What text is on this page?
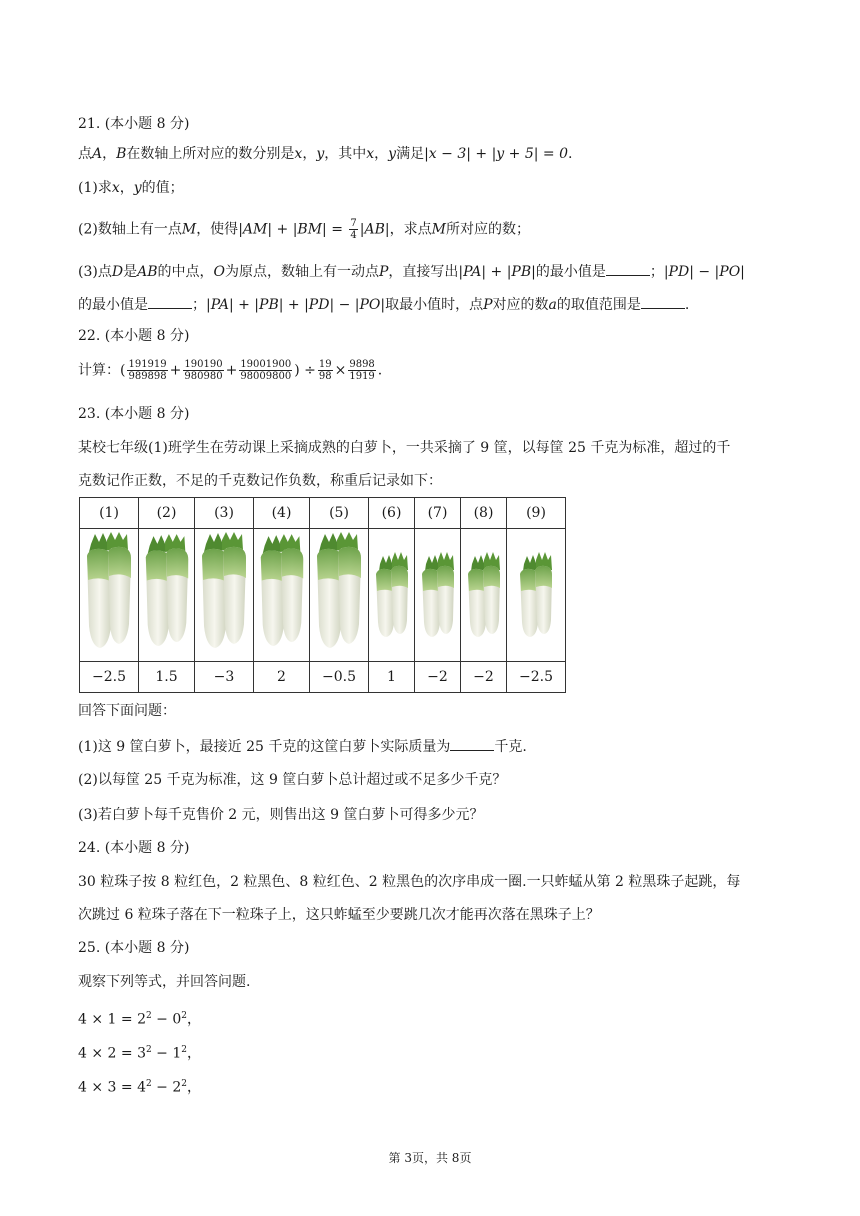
21. (本小题 8 分)
点A，B在数轴上所对应的数分别是x，y，其中x，y满足|x − 3| + |y + 5| = 0.
(1)求x，y的值；
(2)数轴上有一点M，使得$|AM| + |BM| = \frac{7}{4} |AB|$，求点M所对应的数；
(3)点D是AB的中点，O为原点，数轴上有一动点P，直接写出|PA| + |PB|的最小值是	；|PD| − |PO|
的最小值是	；|PA| + |PB| + |PD| − |PO|取最小值时，点P对应的数a的取值范围是	.
22. (本小题 8 分)
计算：( $\frac{191919}{989898} + \frac{190190}{980980} + \frac{19001900}{98009800}$ ) ÷ $\frac{19}{98} \times \frac{9898}{1919}$ .
23. (本小题 8 分)
某校七年级(1)班学生在劳动课上采摘成熟的白萝卜，一共采摘了 9 筐，以每筐 25 千克为标准，超过的千
克数记作正数，不足的千克数记作负数，称重后记录如下：
(1)	(2)	(3)	(4)	(5)	(6)	(7)	(8)	(9)

−2.5	1.5	−3	2	−0.5	1	−2	−2	−2.5
回答下面问题：
(1)这 9 筐白萝卜，最接近 25 千克的这筐白萝卜实际质量为	千克.
(2)以每筐 25 千克为标准，这 9 筐白萝卜总计超过或不足多少千克？
(3)若白萝卜每千克售价 2 元，则售出这 9 筐白萝卜可得多少元？
24. (本小题 8 分)
30 粒珠子按 8 粒红色，2 粒黑色、8 粒红色、2 粒黑色的次序串成一圈.一只蚱蜢从第 2 粒黑珠子起跳，每
次跳过 6 粒珠子落在下一粒珠子上，这只蚱蜢至少要跳几次才能再次落在黑珠子上？
25. (本小题 8 分)
观察下列等式，并回答问题.
$4 \times 1 = 2^2 - 0^2$，
$4 \times 2 = 3^2 - 1^2$，
$4 \times 3 = 4^2 - 2^2$，
第 3页，共 8页
